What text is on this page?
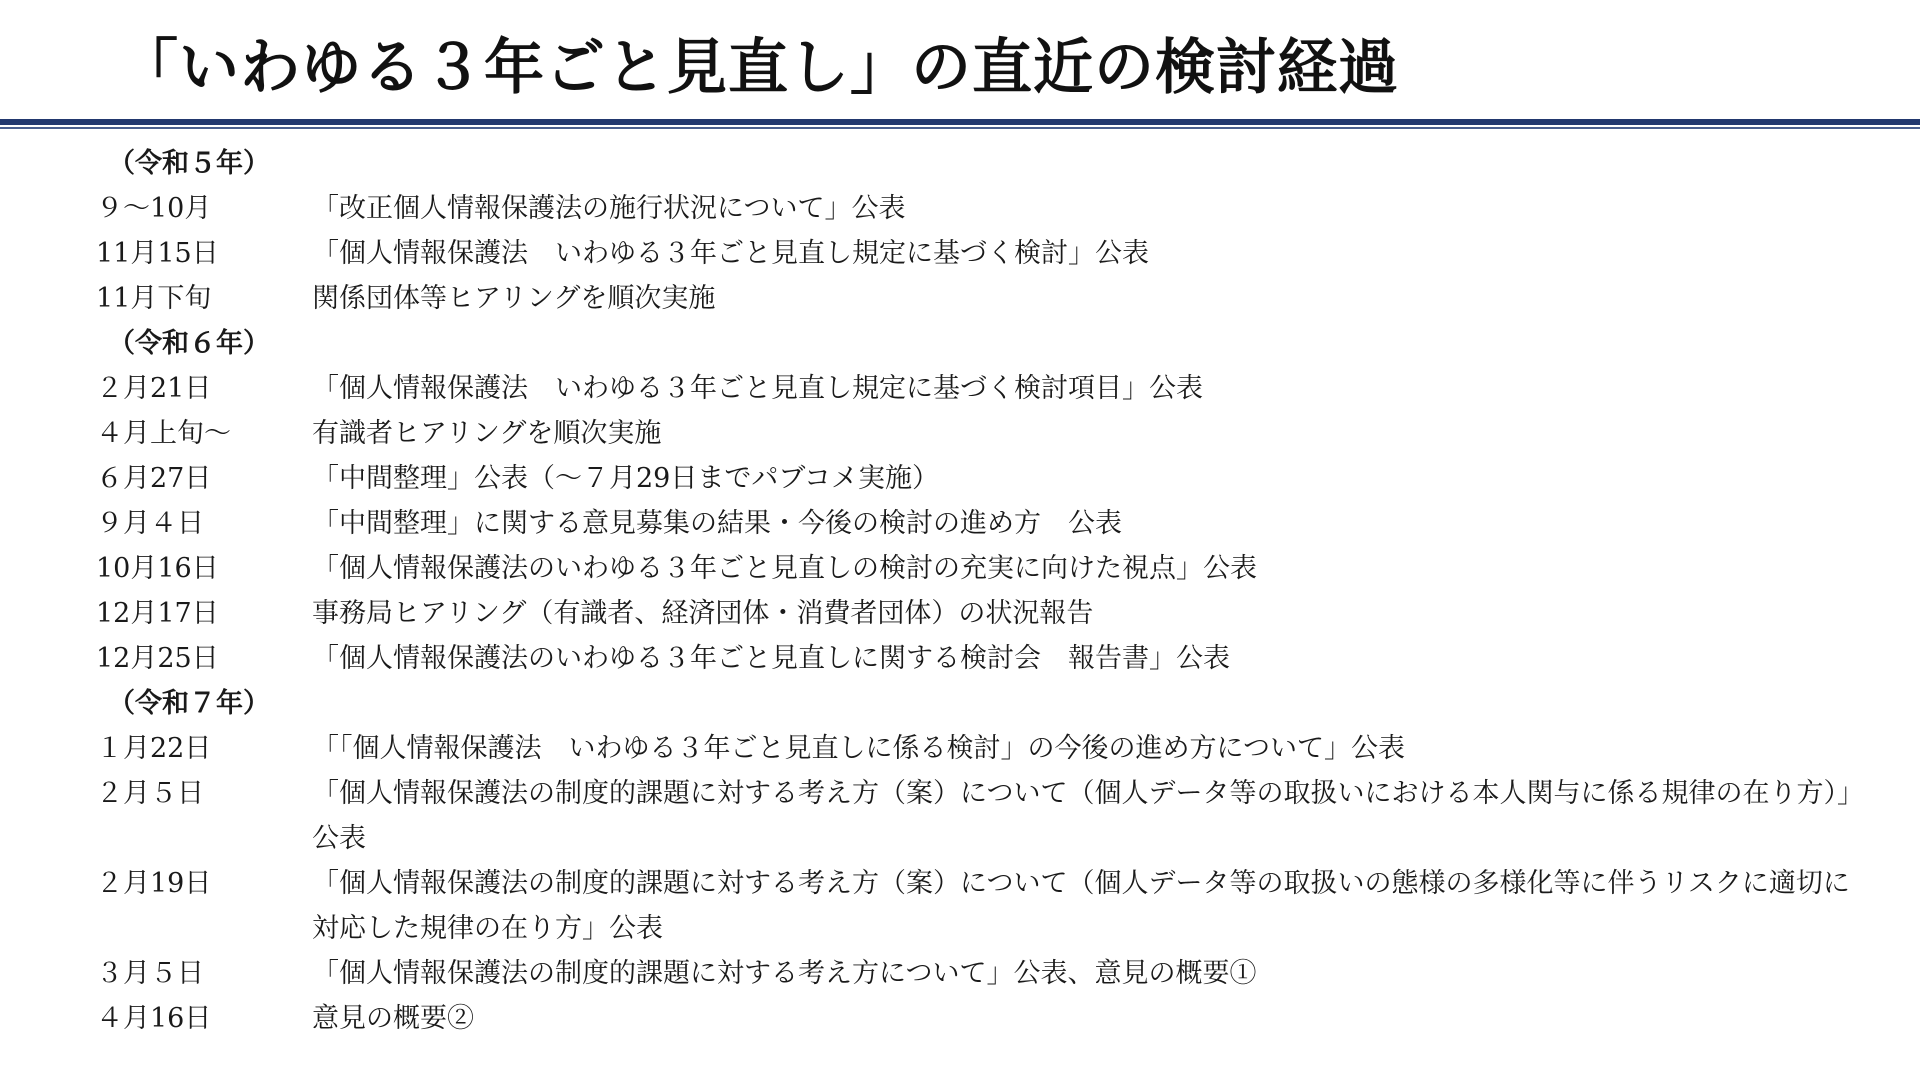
「いわゆる３年ごと見直し」の直近の検討経過
（令和５年）
９～10月	「改正個人情報保護法の施行状況について」公表
11月15日	「個人情報保護法　いわゆる３年ごと見直し規定に基づく検討」公表
11月下旬	関係団体等ヒアリングを順次実施
（令和６年）
２月21日	「個人情報保護法　いわゆる３年ごと見直し規定に基づく検討項目」公表
４月上旬～	有識者ヒアリングを順次実施
６月27日	「中間整理」公表（～７月29日までパブコメ実施）
９月４日	「中間整理」に関する意見募集の結果・今後の検討の進め方　公表
10月16日	「個人情報保護法のいわゆる３年ごと見直しの検討の充実に向けた視点」公表
12月17日	事務局ヒアリング（有識者、経済団体・消費者団体）の状況報告
12月25日	「個人情報保護法のいわゆる３年ごと見直しに関する検討会　報告書」公表
（令和７年）
１月22日	「「個人情報保護法　いわゆる３年ごと見直しに係る検討」の今後の進め方について」公表
２月５日	「個人情報保護法の制度的課題に対する考え方（案）について（個人データ等の取扱いにおける本人関与に係る規律の在り方）」公表
２月19日	「個人情報保護法の制度的課題に対する考え方（案）について（個人データ等の取扱いの態様の多様化等に伴うリスクに適切に対応した規律の在り方」公表
３月５日	「個人情報保護法の制度的課題に対する考え方について」公表、意見の概要①
４月16日	意見の概要②
